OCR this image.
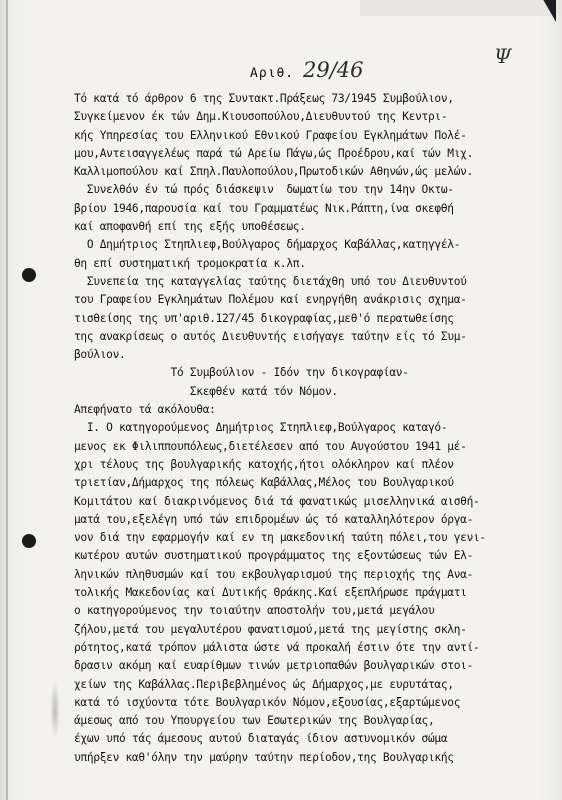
Αριθ. 29/46
Ψ
Τό κατά τό άρθρον 6 της Συντακτ.Πράξεως 73/1945 Συμβούλιον,
Συγκείμενον έκ τών Δημ.Κιουσοπούλου,Διευθυντού της Κεντρι-
κής Υπηρεσίας του Ελληνικού Εθνικού Γραφείου Εγκλημάτων Πολέ-
μου,Αντεισαγγελέως παρά τώ Αρείω Πάγω,ώς Προέδρου,καί τών Μιχ.
Καλλιμοπούλου καί Σπηλ.Παυλοπούλου,Πρωτοδικών Αθηνών,ώς μελών.
Συνελθόν έν τώ πρός διάσκεψιν  δωματίω του την 14ην Οκτω-
βρίου 1946,παρουσία καί του Γραμματέως Νικ.Ράπτη,ίνα σκεφθή
καί αποφανθή επί της εξής υποθέσεως.
Ο Δημήτριος Στηπλιεφ,Βούλγαρος δήμαρχος Καβάλλας,κατηγγέλ-
θη επί συστηματική τρομοκρατία κ.λπ.
Συνεπεία της καταγγελίας ταύτης διετάχθη υπό του Διευθυντού
του Γραφείου Εγκλημάτων Πολέμου καί ενηργήθη ανάκρισις σχημα-
τισθείσης της υπ'αριθ.127/45 δικογραφίας,μεθ'ό περατωθείσης
της ανακρίσεως ο αυτός Διευθυντής εισήγαγε ταύτην είς τό Συμ-
βούλιον.
Τό Συμβούλιον - Ιδόν την δικογραφίαν-
Σκεφθέν κατά τόν Νόμον.
Απεφήνατο τά ακόλουθα:
Ι. Ο κατηγορούμενος Δημήτριος Στηπλιεφ,Βούλγαρος καταγό-
μενος εκ Φιλιππουπόλεως,διετέλεσεν από του Αυγούστου 1941 μέ-
χρι τέλους της βουλγαρικής κατοχής,ήτοι ολόκληρον καί πλέον
τριετίαν,Δήμαρχος της πόλεως Καβάλλας,Μέλος του Βουλγαρικού
Κομιτάτου καί διακρινόμενος διά τά φανατικώς μισελληνικά αισθή-
ματά του,εξελέγη υπό τών επιδρομέων ώς τό καταλληλότερον όργα-
νον διά την εφαρμογήν καί εν τη μακεδονική ταύτη πόλει,του γενι-
κωτέρου αυτών συστηματικού προγράμματος της εξοντώσεως τών Ελ-
ληνικών πληθυσμών καί του εκβουλγαρισμού της περιοχής της Ανα-
τολικής Μακεδονίας καί Δυτικής Θράκης.Καί εξεπλήρωσε πράγματι
ο κατηγορούμενος την τοιαύτην αποστολήν του,μετά μεγάλου
ζήλου,μετά του μεγαλυτέρου φανατισμού,μετά της μεγίστης σκλη-
ρότητος,κατά τρόπον μάλιστα ώστε νά προκαλή έστιν ότε την αντί-
δρασιν ακόμη καί ευαρίθμων τινών μετριοπαθών βουλγαρικών στοι-
χείων της Καβάλλας.Περιβεβλημένος ώς Δήμαρχος,με ευρυτάτας,
κατά τό ισχύοντα τότε Βουλγαρικόν Νόμον,εξουσίας,εξαρτώμενος
άμεσως από του Υπουργείου των Εσωτερικών της Βουλγαρίας,
έχων υπό τάς άμεσους αυτού διαταγάς ίδιον αστυνομικόν σώμα
υπήρξεν καθ'όλην την μαύρην ταύτην περίοδον,της Βουλγαρικής
